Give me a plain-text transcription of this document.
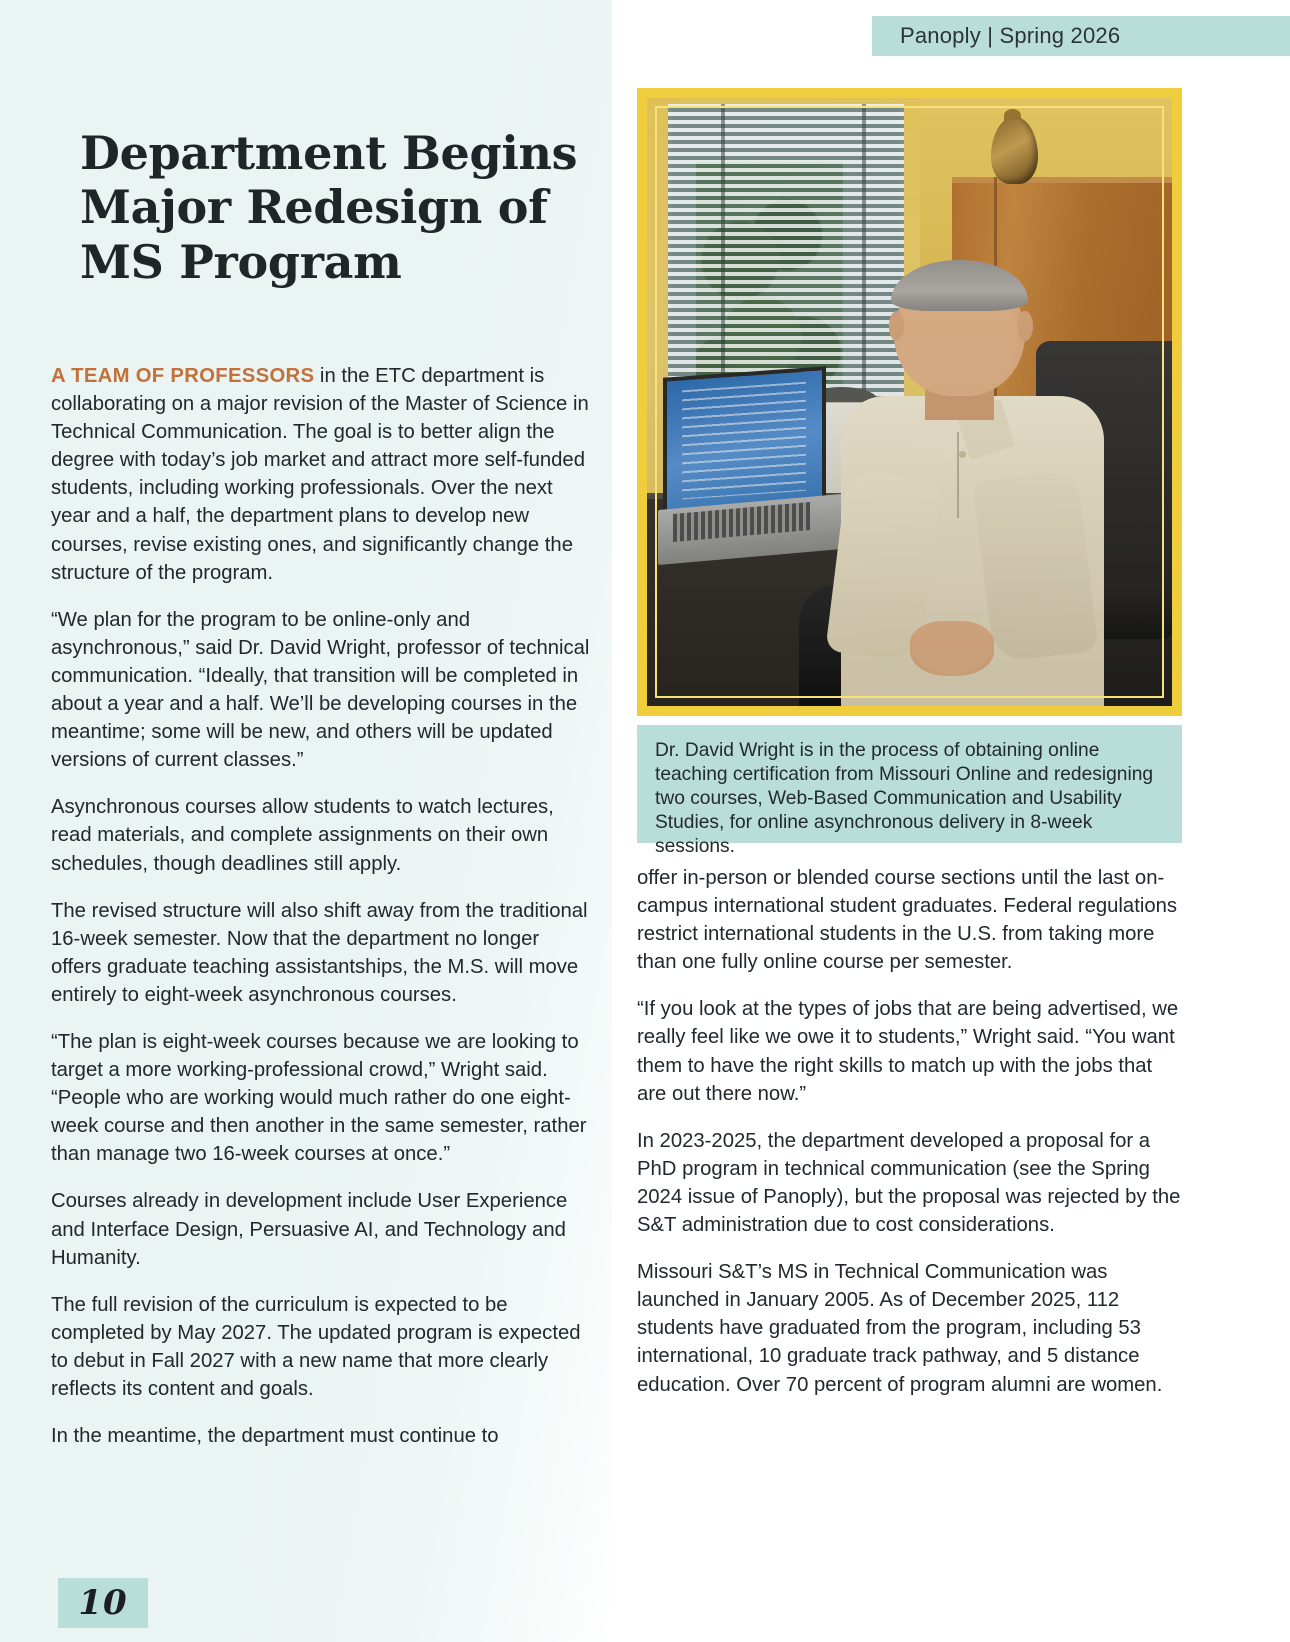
Panoply | Spring 2026
Department Begins Major Redesign of MS Program

A TEAM OF PROFESSORS in the ETC department is collaborating on a major revision of the Master of Science in Technical Communication. The goal is to better align the degree with today’s job market and attract more self-funded students, including working professionals. Over the next year and a half, the department plans to develop new courses, revise existing ones, and significantly change the structure of the program.

“We plan for the program to be online-only and asynchronous,” said Dr. David Wright, professor of technical communication. “Ideally, that transition will be completed in about a year and a half. We’ll be developing courses in the meantime; some will be new, and others will be updated versions of current classes.”

Asynchronous courses allow students to watch lectures, read materials, and complete assignments on their own schedules, though deadlines still apply.

The revised structure will also shift away from the traditional 16-week semester. Now that the department no longer offers graduate teaching assistantships, the M.S. will move entirely to eight-week asynchronous courses.

“The plan is eight-week courses because we are looking to target a more working-professional crowd,” Wright said. “People who are working would much rather do one eight-week course and then another in the same semester, rather than manage two 16-week courses at once.”

Courses already in development include User Experience and Interface Design, Persuasive AI, and Technology and Humanity.

The full revision of the curriculum is expected to be completed by May 2027. The updated program is expected to debut in Fall 2027 with a new name that more clearly reflects its content and goals.

In the meantime, the department must continue to

Dr. David Wright is in the process of obtaining online teaching certification from Missouri Online and redesigning two courses, Web-Based Communication and Usability Studies, for online asynchronous delivery in 8-week sessions.

offer in-person or blended course sections until the last on-campus international student graduates. Federal regulations restrict international students in the U.S. from taking more than one fully online course per semester.

“If you look at the types of jobs that are being advertised, we really feel like we owe it to students,” Wright said. “You want them to have the right skills to match up with the jobs that are out there now.”

In 2023-2025, the department developed a proposal for a PhD program in technical communication (see the Spring 2024 issue of Panoply), but the proposal was rejected by the S&T administration due to cost considerations.

Missouri S&T’s MS in Technical Communication was launched in January 2005. As of December 2025, 112 students have graduated from the program, including 53 international, 10 graduate track pathway, and 5 distance education. Over 70 percent of program alumni are women.

10
